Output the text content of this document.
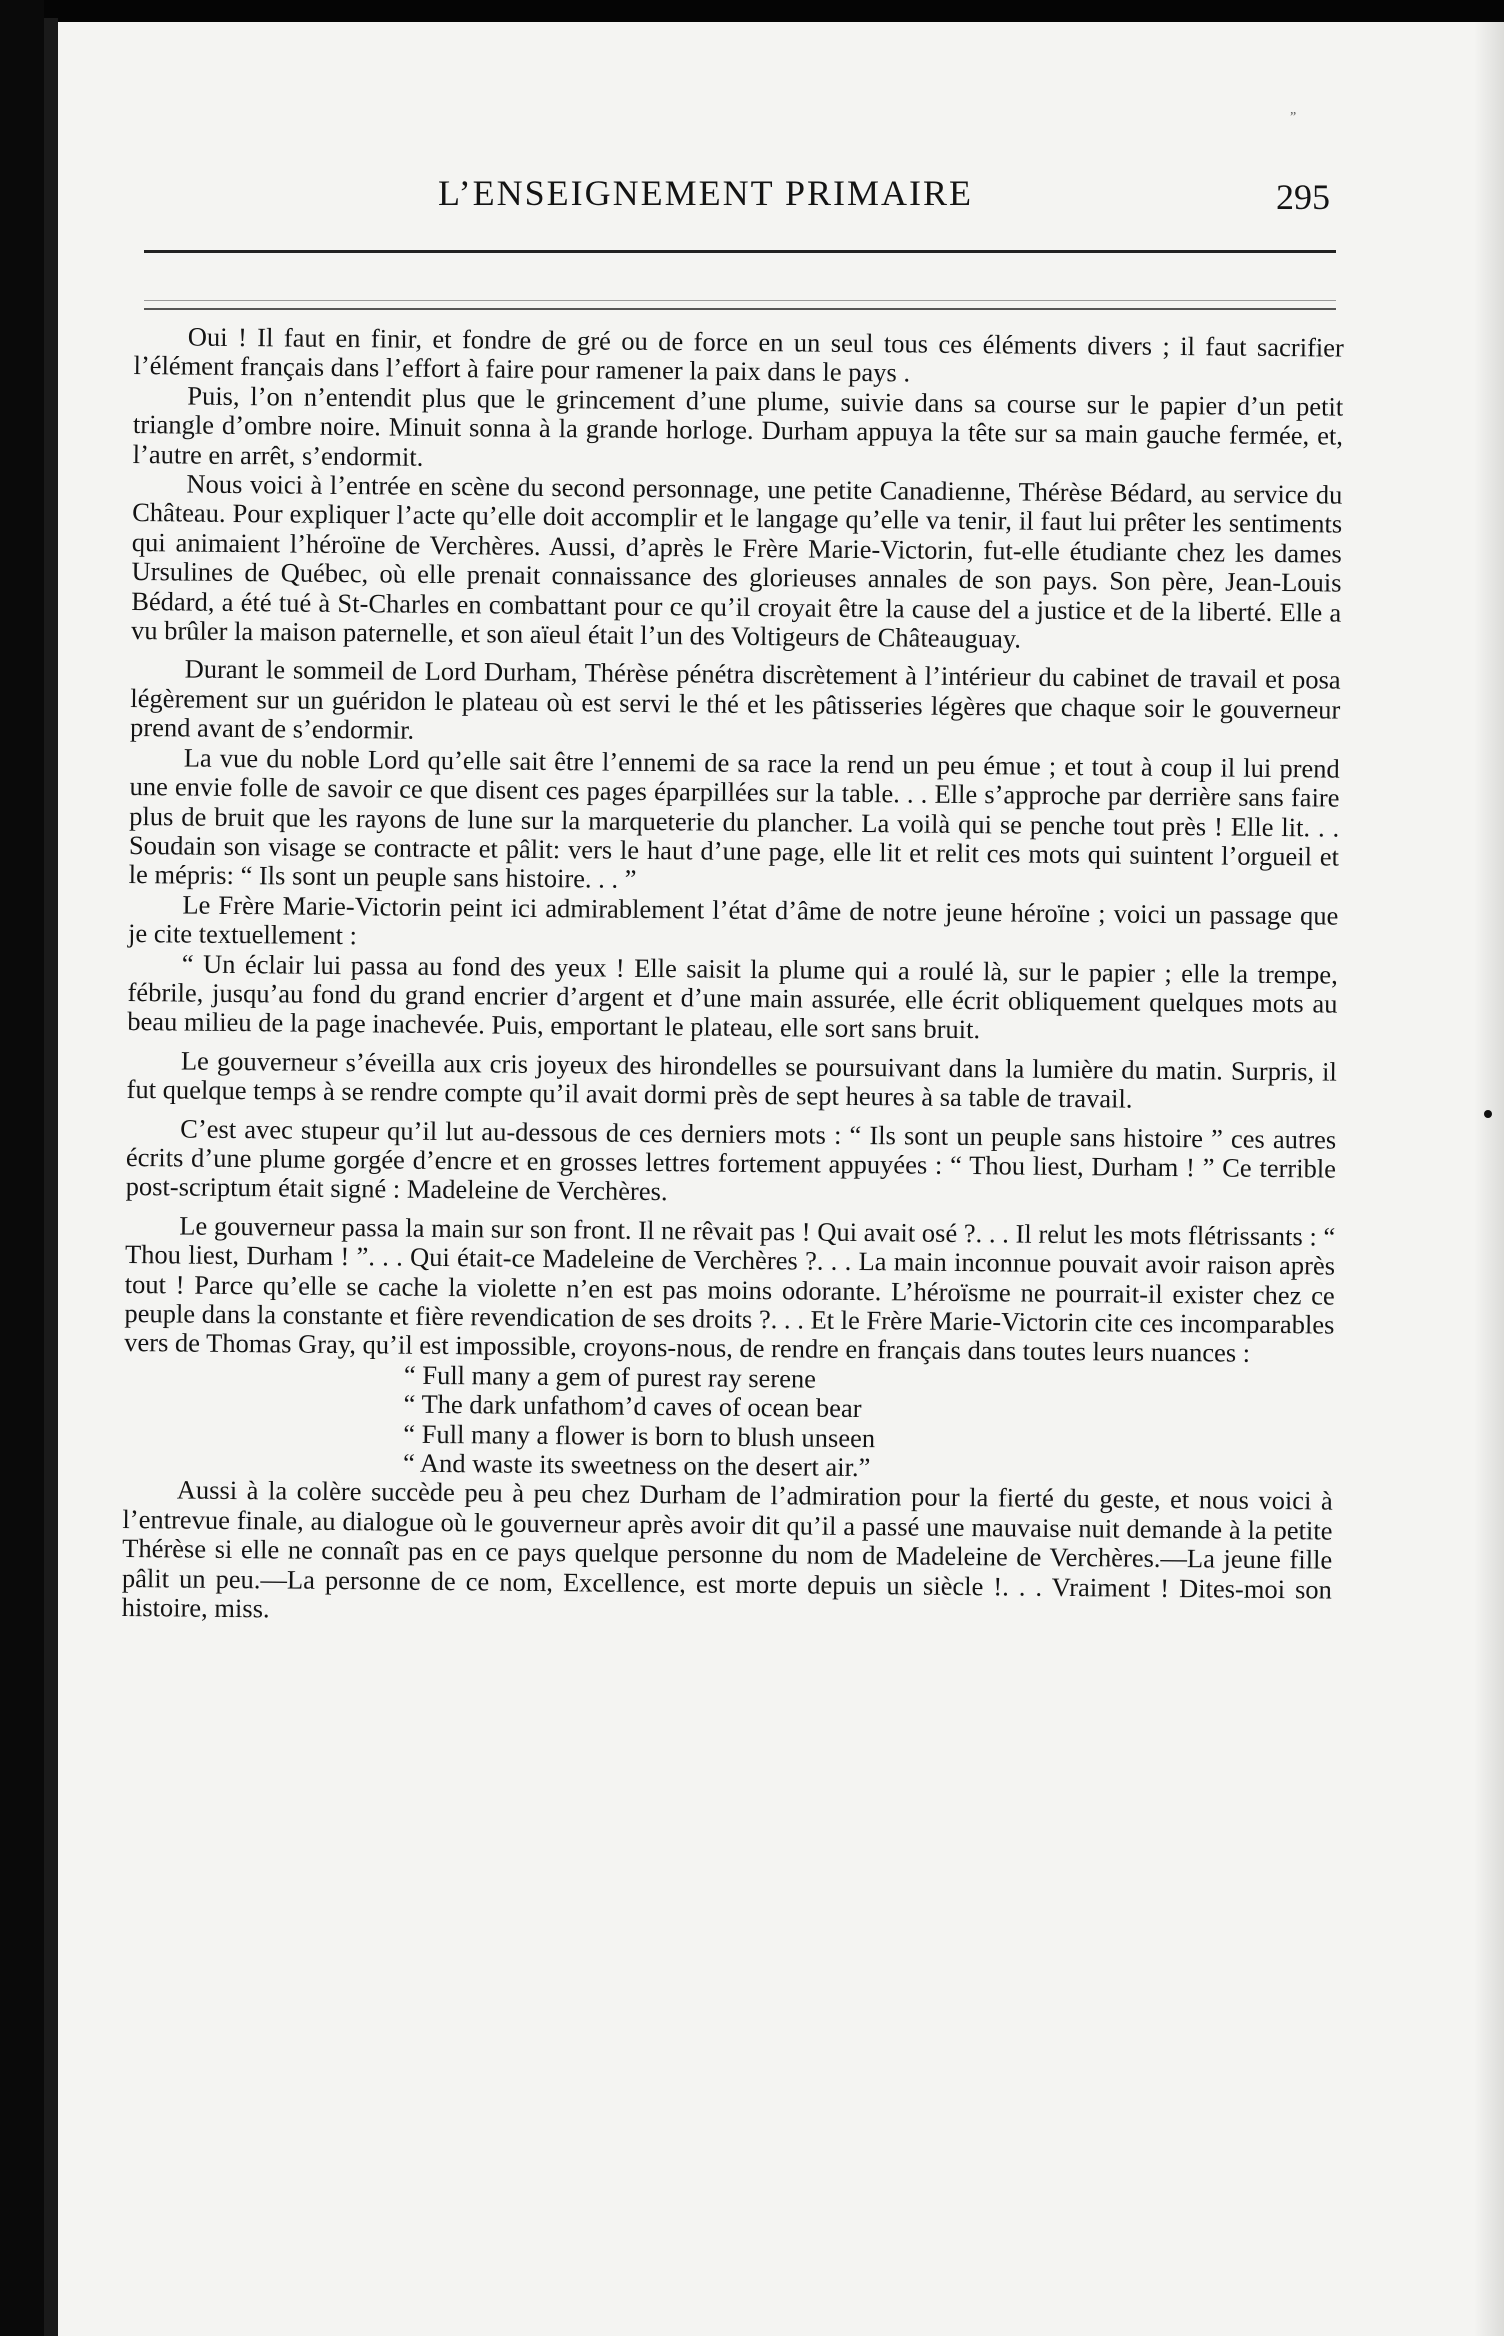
”
L’ENSEIGNEMENT PRIMAIRE	295

Oui ! Il faut en finir, et fondre de gré ou de force en un seul tous ces éléments divers ; il faut sacrifier l’élément français dans l’effort à faire pour ramener la paix dans le pays .

Puis, l’on n’entendit plus que le grincement d’une plume, suivie dans sa course sur le papier d’un petit triangle d’ombre noire. Minuit sonna à la grande horloge. Durham appuya la tête sur sa main gauche fermée, et, l’autre en arrêt, s’endormit.

Nous voici à l’entrée en scène du second personnage, une petite Canadienne, Thérèse Bédard, au service du Château. Pour expliquer l’acte qu’elle doit accomplir et le langage qu’elle va tenir, il faut lui prêter les sentiments qui animaient l’héroïne de Verchères. Aussi, d’après le Frère Marie-Victorin, fut-elle étudiante chez les dames Ursulines de Québec, où elle prenait connaissance des glorieuses annales de son pays. Son père, Jean-Louis Bédard, a été tué à St-Charles en combattant pour ce qu’il croyait être la cause del a justice et de la liberté. Elle a vu brûler la maison paternelle, et son aïeul était l’un des Voltigeurs de Châteauguay.

Durant le sommeil de Lord Durham, Thérèse pénétra discrètement à l’intérieur du cabinet de travail et posa légèrement sur un guéridon le plateau où est servi le thé et les pâtisseries légères que chaque soir le gouverneur prend avant de s’endormir.

La vue du noble Lord qu’elle sait être l’ennemi de sa race la rend un peu émue ; et tout à coup il lui prend une envie folle de savoir ce que disent ces pages éparpillées sur la table. . . Elle s’approche par derrière sans faire plus de bruit que les rayons de lune sur la marqueterie du plancher. La voilà qui se penche tout près ! Elle lit. . . Soudain son visage se contracte et pâlit: vers le haut d’une page, elle lit et relit ces mots qui suintent l’orgueil et le mépris: “ Ils sont un peuple sans histoire. . . ”

Le Frère Marie-Victorin peint ici admirablement l’état d’âme de notre jeune héroïne ; voici un passage que je cite textuellement :

“ Un éclair lui passa au fond des yeux ! Elle saisit la plume qui a roulé là, sur le papier ; elle la trempe, fébrile, jusqu’au fond du grand encrier d’argent et d’une main assurée, elle écrit obliquement quelques mots au beau milieu de la page inachevée. Puis, emportant le plateau, elle sort sans bruit.

Le gouverneur s’éveilla aux cris joyeux des hirondelles se poursuivant dans la lumière du matin. Surpris, il fut quelque temps à se rendre compte qu’il avait dormi près de sept heures à sa table de travail.

C’est avec stupeur qu’il lut au-dessous de ces derniers mots : “ Ils sont un peuple sans histoire ” ces autres écrits d’une plume gorgée d’encre et en grosses lettres fortement appuyées : “ Thou liest, Durham ! ” Ce terrible post-scriptum était signé : Madeleine de Verchères.

Le gouverneur passa la main sur son front. Il ne rêvait pas ! Qui avait osé ?. . . Il relut les mots flétrissants : “ Thou liest, Durham ! ”. . . Qui était-ce Madeleine de Verchères ?. . . La main inconnue pouvait avoir raison après tout ! Parce qu’elle se cache la violette n’en est pas moins odorante. L’héroïsme ne pourrait-il exister chez ce peuple dans la constante et fière revendication de ses droits ?. . . Et le Frère Marie-Victorin cite ces incomparables vers de Thomas Gray, qu’il est impossible, croyons-nous, de rendre en français dans toutes leurs nuances :

“ Full many a gem of purest ray serene
“ The dark unfathom’d caves of ocean bear
“ Full many a flower is born to blush unseen
“ And waste its sweetness on the desert air.”

Aussi à la colère succède peu à peu chez Durham de l’admiration pour la fierté du geste, et nous voici à l’entrevue finale, au dialogue où le gouverneur après avoir dit qu’il a passé une mauvaise nuit demande à la petite Thérèse si elle ne connaît pas en ce pays quelque personne du nom de Madeleine de Verchères.—La jeune fille pâlit un peu.—La personne de ce nom, Excellence, est morte depuis un siècle !. . . Vraiment ! Dites-moi son histoire, miss.
